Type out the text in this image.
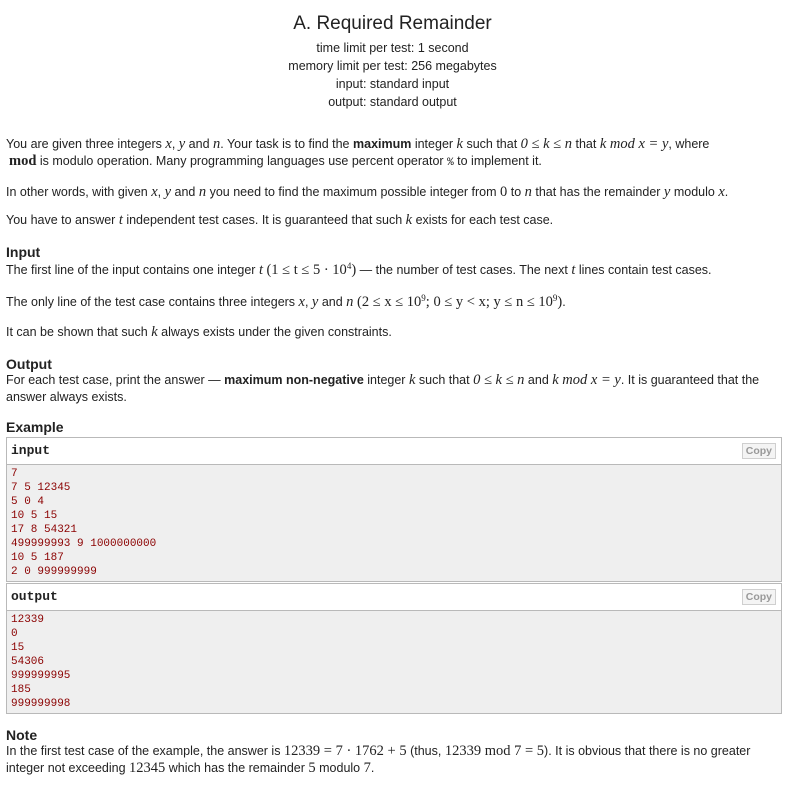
A. Required Remainder
time limit per test: 1 second
memory limit per test: 256 megabytes
input: standard input
output: standard output
You are given three integers x, y and n. Your task is to find the maximum integer k such that 0 ≤ k ≤ n that k mod x = y, where
mod is modulo operation. Many programming languages use percent operator % to implement it.
In other words, with given x, y and n you need to find the maximum possible integer from 0 to n that has the remainder y modulo x.
You have to answer t independent test cases. It is guaranteed that such k exists for each test case.
Input
The first line of the input contains one integer t $(1 \le t \le 5 \cdot 10^4)$ — the number of test cases. The next t lines contain test cases.
The only line of the test case contains three integers x, y and n ($2 \le x \le 10^9$; 0 ≤ y < x; $y \le n \le 10^9$).
It can be shown that such k always exists under the given constraints.
Output
For each test case, print the answer — maximum non-negative integer k such that 0 ≤ k ≤ n and k mod x = y. It is guaranteed that the answer always exists.
Example
input	Copy
7
7 5 12345
5 0 4
10 5 15
17 8 54321
499999993 9 1000000000
10 5 187
2 0 999999999
output	Copy
12339
0
15
54306
999999995
185
999999998
Note
In the first test case of the example, the answer is 12339 = 7 · 1762 + 5 (thus, 12339 mod 7 = 5). It is obvious that there is no greater integer not exceeding 12345 which has the remainder 5 modulo 7.
